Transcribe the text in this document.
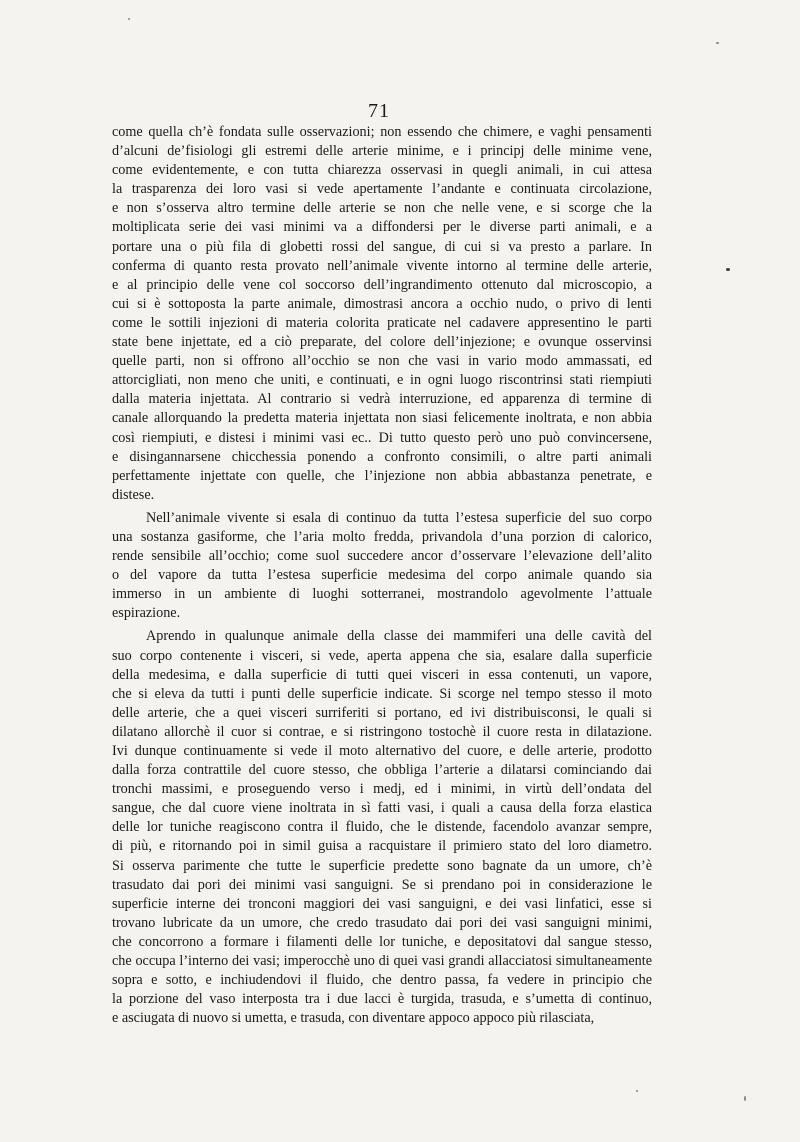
71
come quella ch’è fondata sulle osservazioni; non essendo che chimere, e vaghi pensamenti
d’alcuni de’fisiologi gli estremi delle arterie minime, e i principj delle minime vene,
come evidentemente, e con tutta chiarezza osservasi in quegli animali, in cui attesa
la trasparenza dei loro vasi si vede apertamente l’andante e continuata circolazione,
e non s’osserva altro termine delle arterie se non che nelle vene, e si scorge che la
moltiplicata serie dei vasi minimi va a diffondersi per le diverse parti animali, e a
portare una o più fila di globetti rossi del sangue, di cui si va presto a parlare. In
conferma di quanto resta provato nell’animale vivente intorno al termine delle arterie,
e al principio delle vene col soccorso dell’ingrandimento ottenuto dal microscopio, a
cui si è sottoposta la parte animale, dimostrasi ancora a occhio nudo, o privo di lenti
come le sottili injezioni di materia colorita praticate nel cadavere appresentino le parti
state bene injettate, ed a ciò preparate, del colore dell’injezione; e ovunque osservinsi
quelle parti, non si offrono all’occhio se non che vasi in vario modo ammassati, ed
attorcigliati, non meno che uniti, e continuati, e in ogni luogo riscontrinsi stati riempiuti
dalla materia injettata. Al contrario si vedrà interruzione, ed apparenza di termine di
canale allorquando la predetta materia injettata non siasi felicemente inoltrata, e non abbia
così riempiuti, e distesi i minimi vasi ec.. Di tutto questo però uno può convincersene,
e disingannarsene chicchessia ponendo a confronto consimili, o altre parti animali
perfettamente injettate con quelle, che l’injezione non abbia abbastanza penetrate, e
distese.
Nell’animale vivente si esala di continuo da tutta l’estesa superficie del suo corpo
una sostanza gasiforme, che l’aria molto fredda, privandola d’una porzion di calorico,
rende sensibile all’occhio; come suol succedere ancor d’osservare l’elevazione dell’alito
o del vapore da tutta l’estesa superficie medesima del corpo animale quando sia
immerso in un ambiente di luoghi sotterranei, mostrandolo agevolmente l’attuale
espirazione.
Aprendo in qualunque animale della classe dei mammiferi una delle cavità del
suo corpo contenente i visceri, si vede, aperta appena che sia, esalare dalla superficie
della medesima, e dalla superficie di tutti quei visceri in essa contenuti, un vapore,
che si eleva da tutti i punti delle superficie indicate. Si scorge nel tempo stesso il moto
delle arterie, che a quei visceri surriferiti si portano, ed ivi distribuisconsi, le quali si
dilatano allorchè il cuor si contrae, e si ristringono tostochè il cuore resta in dilatazione.
Ivi dunque continuamente si vede il moto alternativo del cuore, e delle arterie, prodotto
dalla forza contrattile del cuore stesso, che obbliga l’arterie a dilatarsi cominciando dai
tronchi massimi, e proseguendo verso i medj, ed i minimi, in virtù dell’ondata del
sangue, che dal cuore viene inoltrata in sì fatti vasi, i quali a causa della forza elastica
delle lor tuniche reagiscono contra il fluido, che le distende, facendolo avanzar sempre,
di più, e ritornando poi in simil guisa a racquistare il primiero stato del loro diametro.
Si osserva parimente che tutte le superficie predette sono bagnate da un umore, ch’è
trasudato dai pori dei minimi vasi sanguigni. Se si prendano poi in considerazione le
superficie interne dei tronconi maggiori dei vasi sanguigni, e dei vasi linfatici, esse si
trovano lubricate da un umore, che credo trasudato dai pori dei vasi sanguigni minimi,
che concorrono a formare i filamenti delle lor tuniche, e depositatovi dal sangue stesso,
che occupa l’interno dei vasi; imperocchè uno di quei vasi grandi allacciatosi simultaneamente
sopra e sotto, e inchiudendovi il fluido, che dentro passa, fa vedere in principio che
la porzione del vaso interposta tra i due lacci è turgida, trasuda, e s’umetta di continuo,
e asciugata di nuovo si umetta, e trasuda, con diventare appoco appoco più rilasciata,
